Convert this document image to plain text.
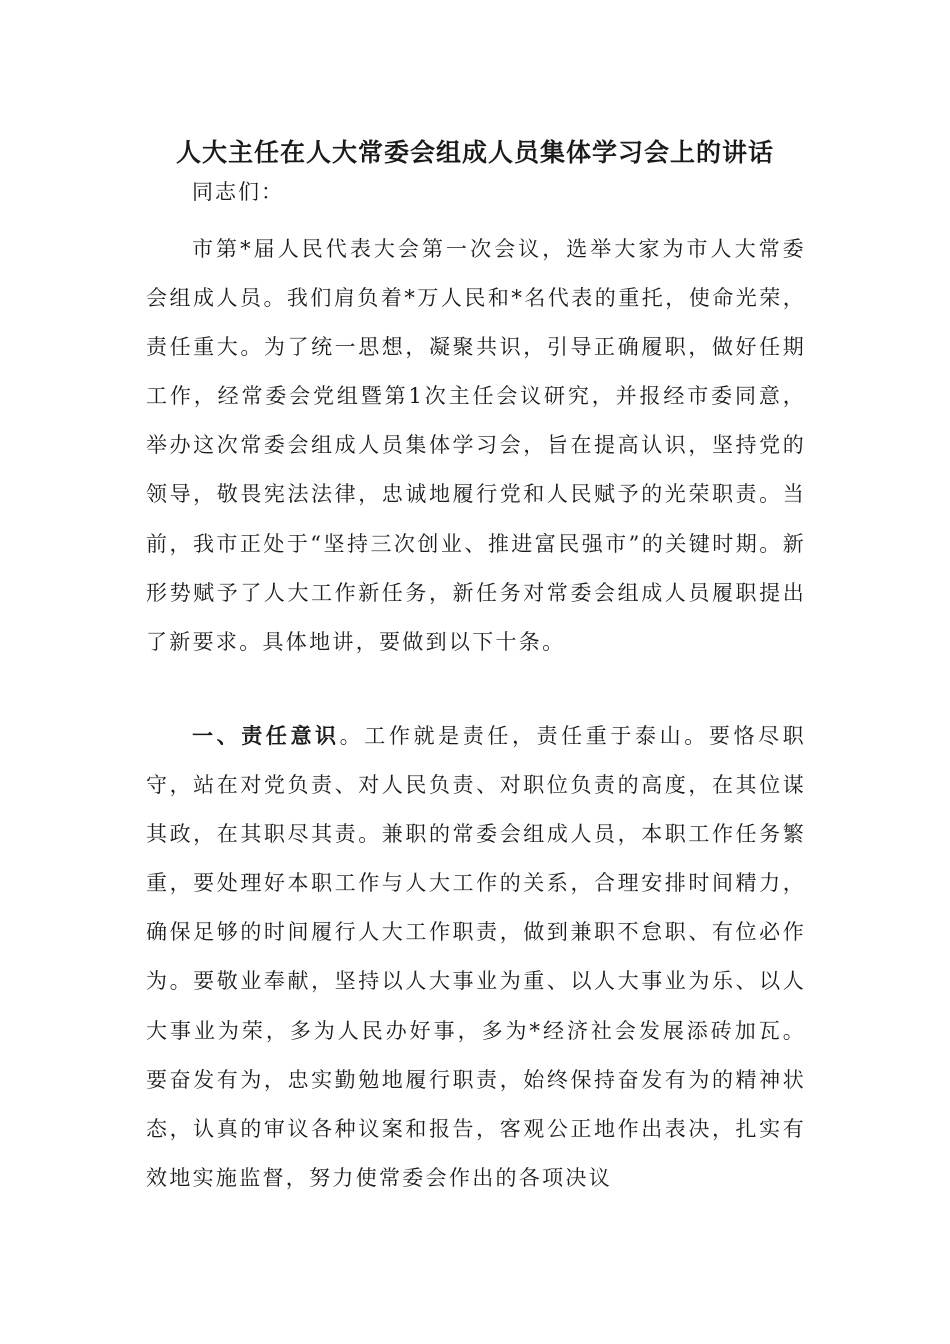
人大主任在人大常委会组成人员集体学习会上的讲话
同志们：

市第*届人民代表大会第一次会议，选举大家为市人大常委会组成人员。我们肩负着*万人民和*名代表的重托，使命光荣，责任重大。为了统一思想，凝聚共识，引导正确履职，做好任期工作，经常委会党组暨第1次主任会议研究，并报经市委同意，举办这次常委会组成人员集体学习会，旨在提高认识，坚持党的领导，敬畏宪法法律，忠诚地履行党和人民赋予的光荣职责。当前，我市正处于“坚持三次创业、推进富民强市”的关键时期。新形势赋予了人大工作新任务，新任务对常委会组成人员履职提出了新要求。具体地讲，要做到以下十条。

一、责任意识。工作就是责任，责任重于泰山。要恪尽职守，站在对党负责、对人民负责、对职位负责的高度，在其位谋其政，在其职尽其责。兼职的常委会组成人员，本职工作任务繁重，要处理好本职工作与人大工作的关系，合理安排时间精力，确保足够的时间履行人大工作职责，做到兼职不怠职、有位必作为。要敬业奉献，坚持以人大事业为重、以人大事业为乐、以人大事业为荣，多为人民办好事，多为*经济社会发展添砖加瓦。要奋发有为，忠实勤勉地履行职责，始终保持奋发有为的精神状态，认真的审议各种议案和报告，客观公正地作出表决，扎实有效地实施监督，努力使常委会作出的各项决议
